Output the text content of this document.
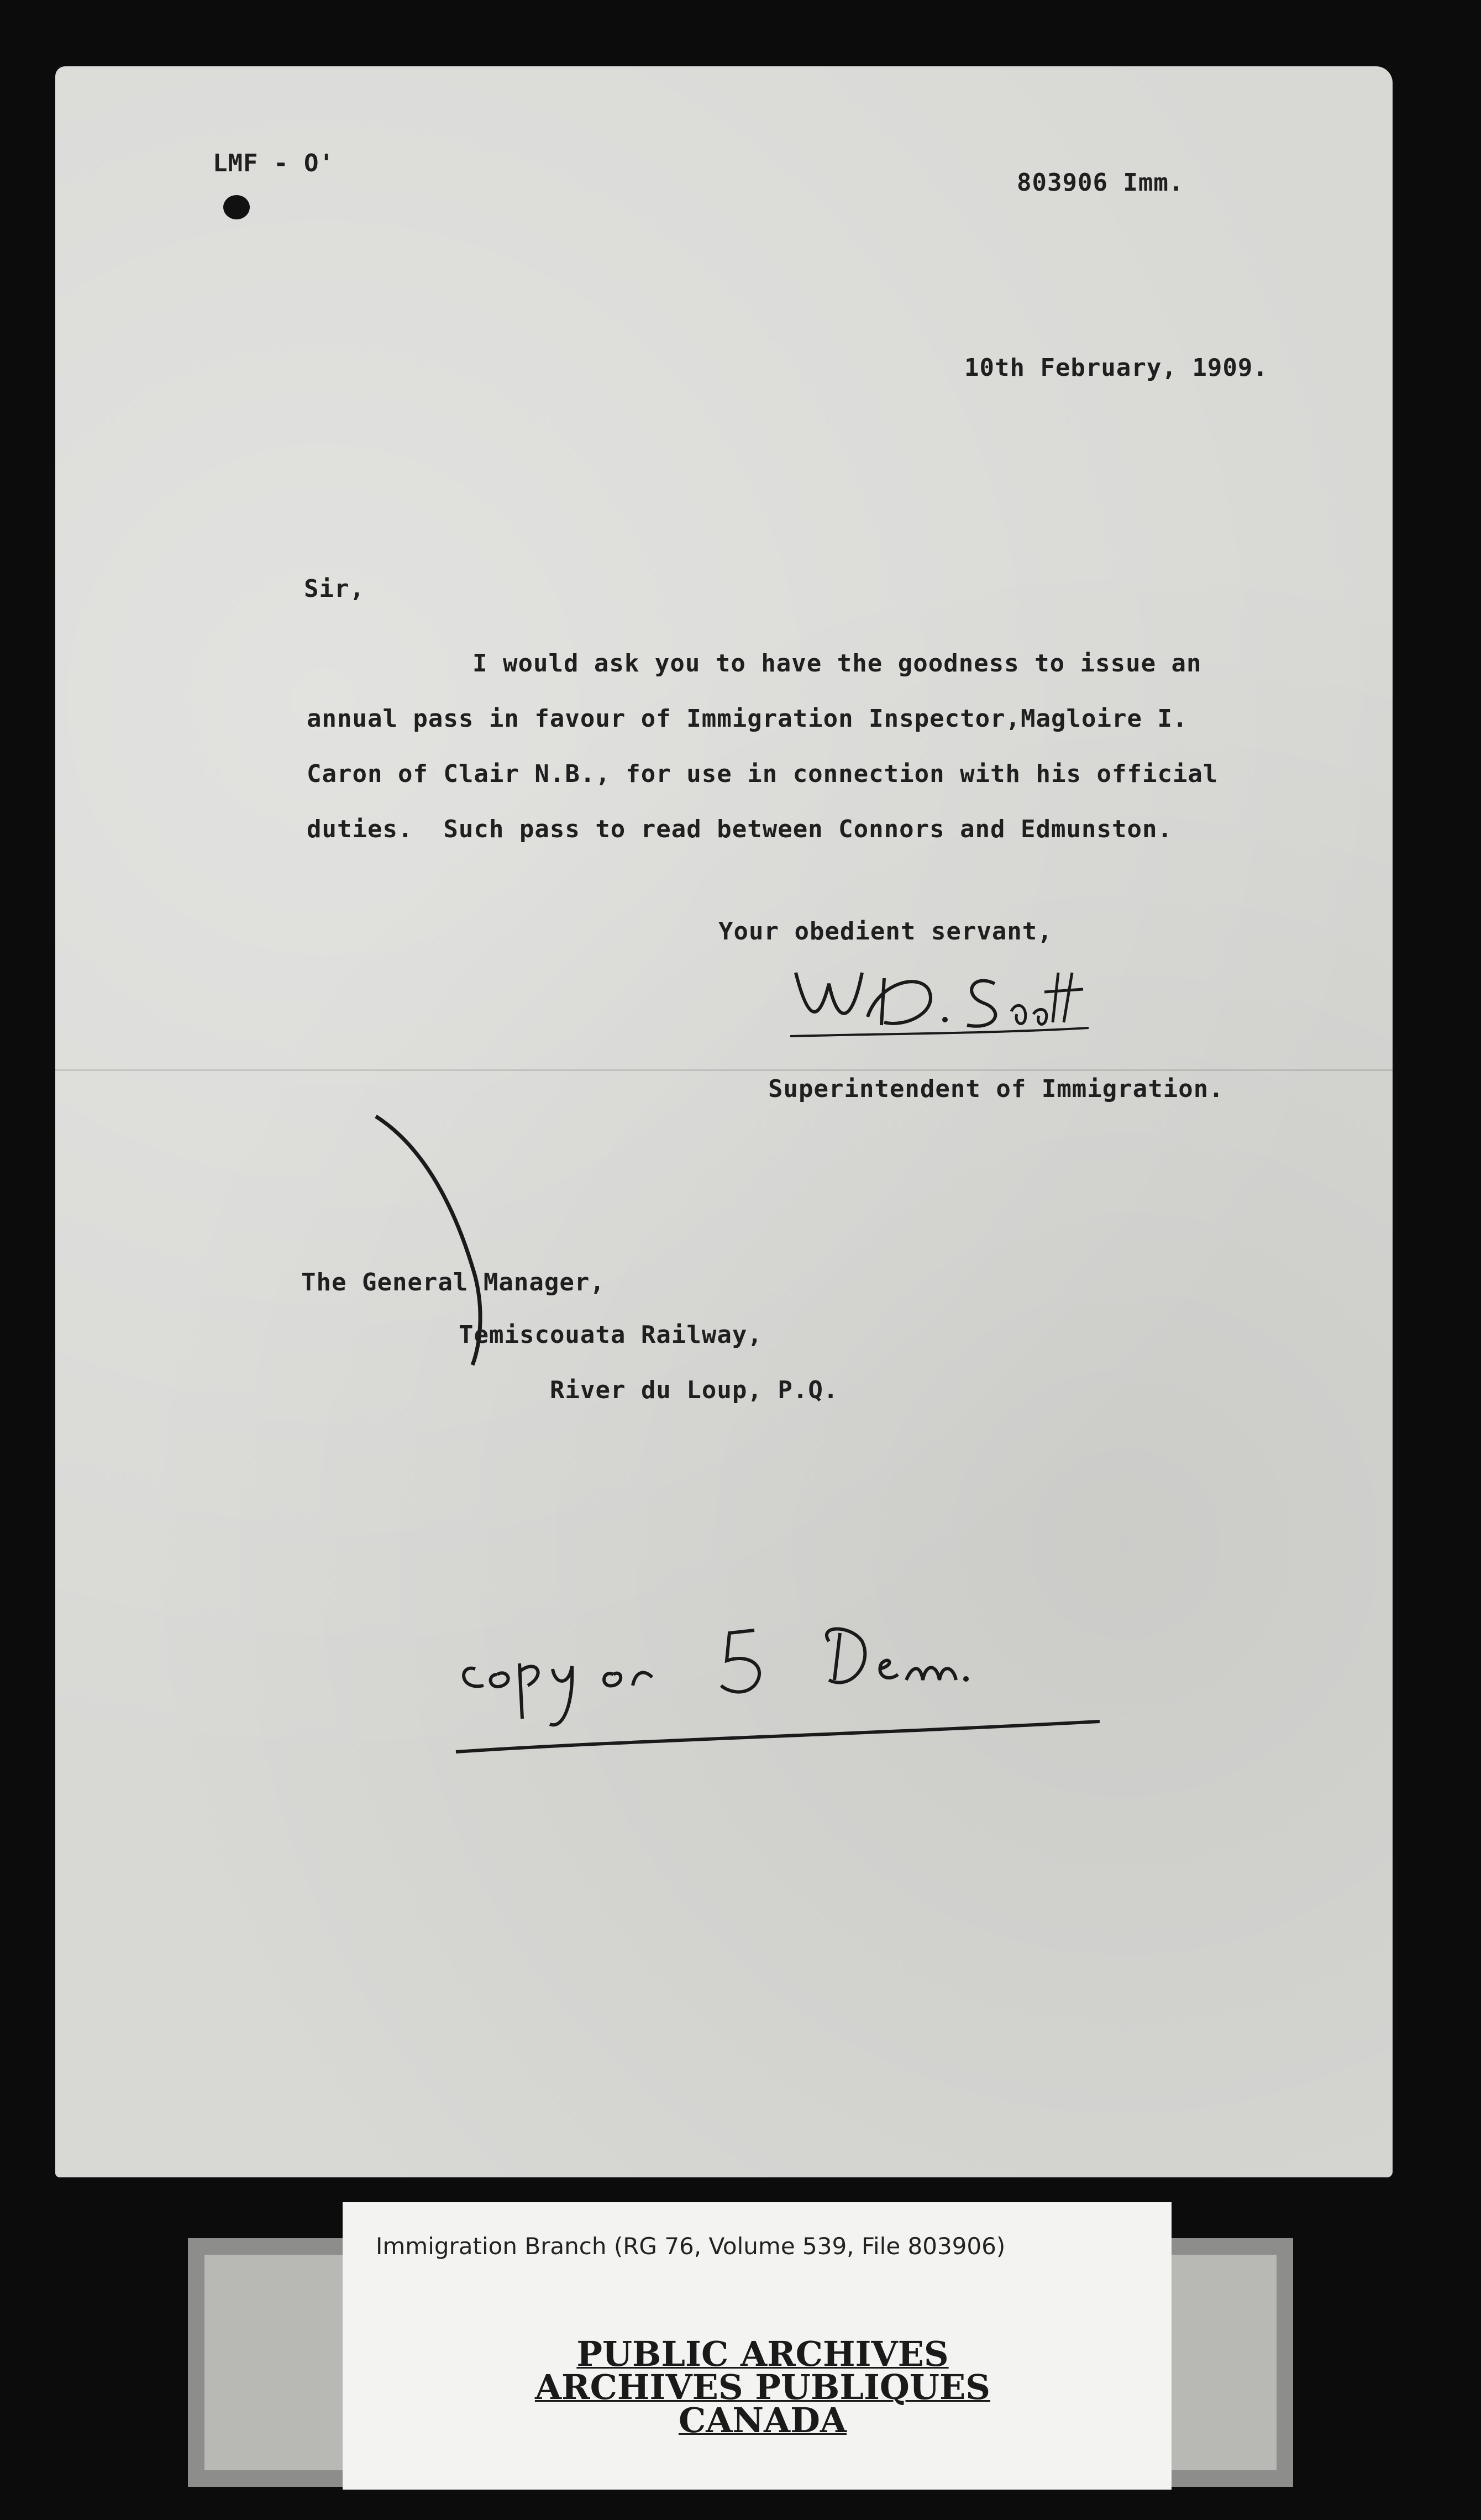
LMF - O'
803906 Imm.
10th February, 1909.
Sir,
I would ask you to have the goodness to issue an
annual pass in favour of Immigration Inspector,Magloire I.
Caron of Clair N.B., for use in connection with his official
duties.  Such pass to read between Connors and Edmunston.
Your obedient servant,
Superintendent of Immigration.
The General Manager,
Temiscouata Railway,
River du Loup, P.Q.
Immigration Branch (RG 76, Volume 539, File 803906)
PUBLIC ARCHIVES
ARCHIVES PUBLIQUES
CANADA
